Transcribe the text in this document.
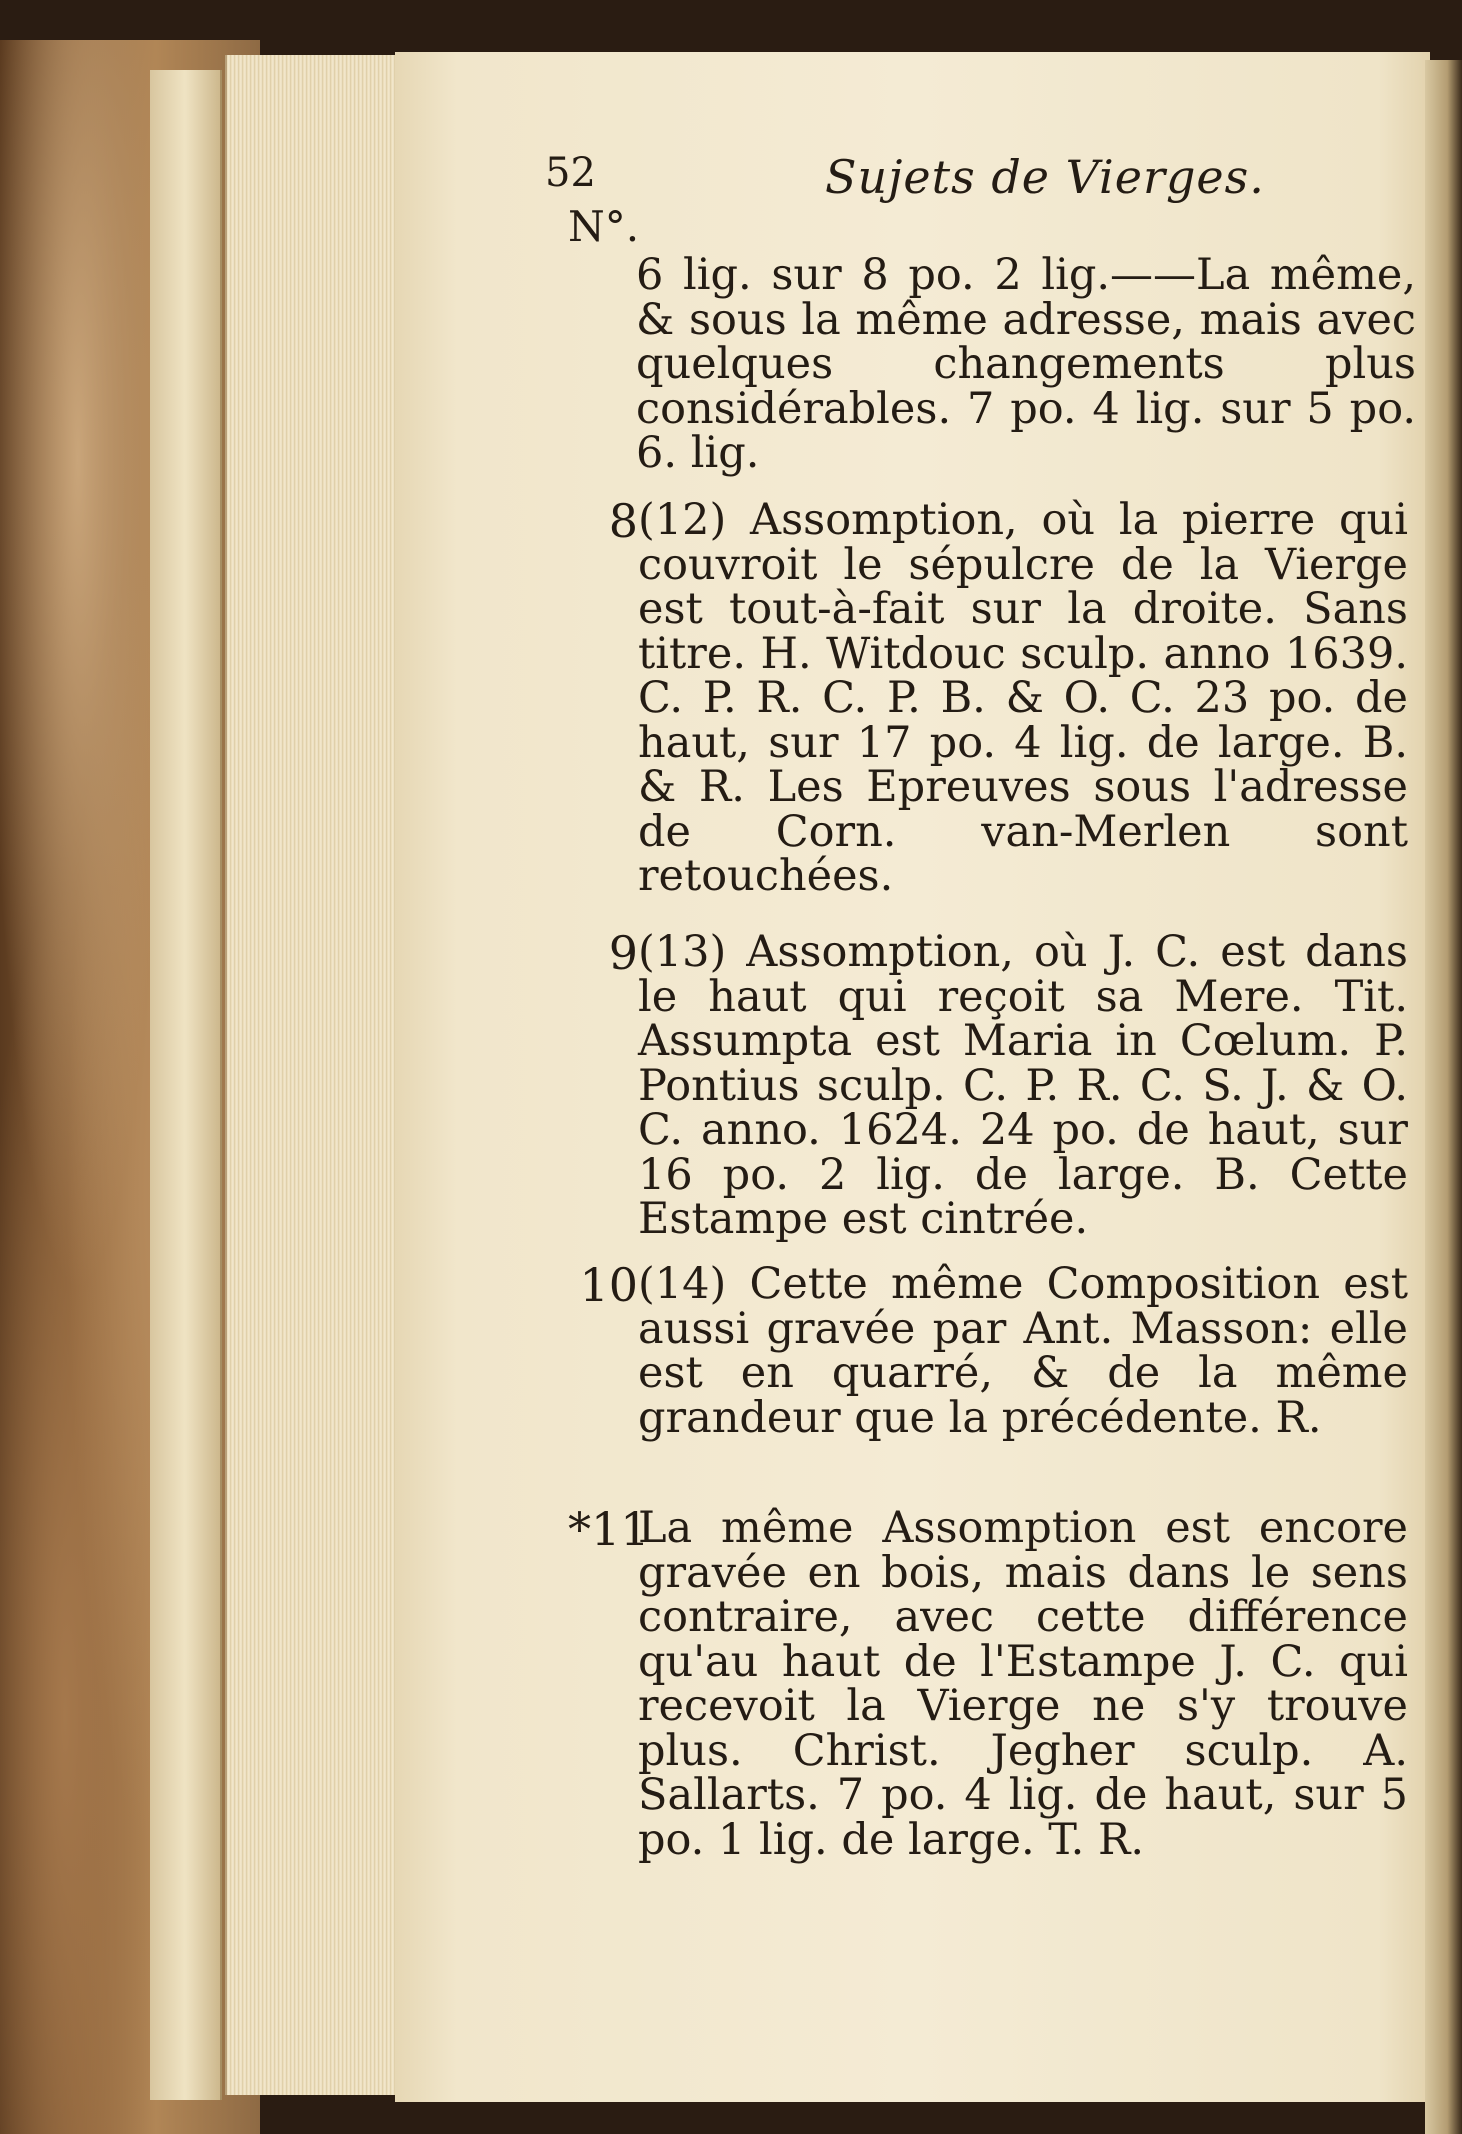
52	Sujets de Vierges.
N°.
6 lig. sur 8 po. 2 lig.——La même, & sous la même adresse, mais avec quelques changements plus considérables. 7 po. 4 lig. sur 5 po. 6. lig.
8 (12) Assomption, où la pierre qui couvroit le sépulcre de la Vierge est tout-à-fait sur la droite. Sans titre. H. Witdouc sculp. anno 1639. C. P. R. C. P. B. & O. C. 23 po. de haut, sur 17 po. 4 lig. de large. B. & R. Les Epreuves sous l'adresse de Corn. van-Merlen sont retouchées.
9 (13) Assomption, où J. C. est dans le haut qui reçoit sa Mere. Tit. Assumpta est Maria in Cœlum. P. Pontius sculp. C. P. R. C. S. J. & O. C. anno. 1624. 24 po. de haut, sur 16 po. 2 lig. de large. B. Cette Estampe est cintrée.
10 (14) Cette même Composition est aussi gravée par Ant. Masson: elle est en quarré, & de la même grandeur que la précédente. R.
*11
La même Assomption est encore gravée en bois, mais dans le sens contraire, avec cette différence qu'au haut de l'Estampe J. C. qui recevoit la Vierge ne s'y trouve plus. Christ. Jegher sculp. A. Sallarts. 7 po. 4 lig. de haut, sur 5 po. 1 lig. de large. T. R.
